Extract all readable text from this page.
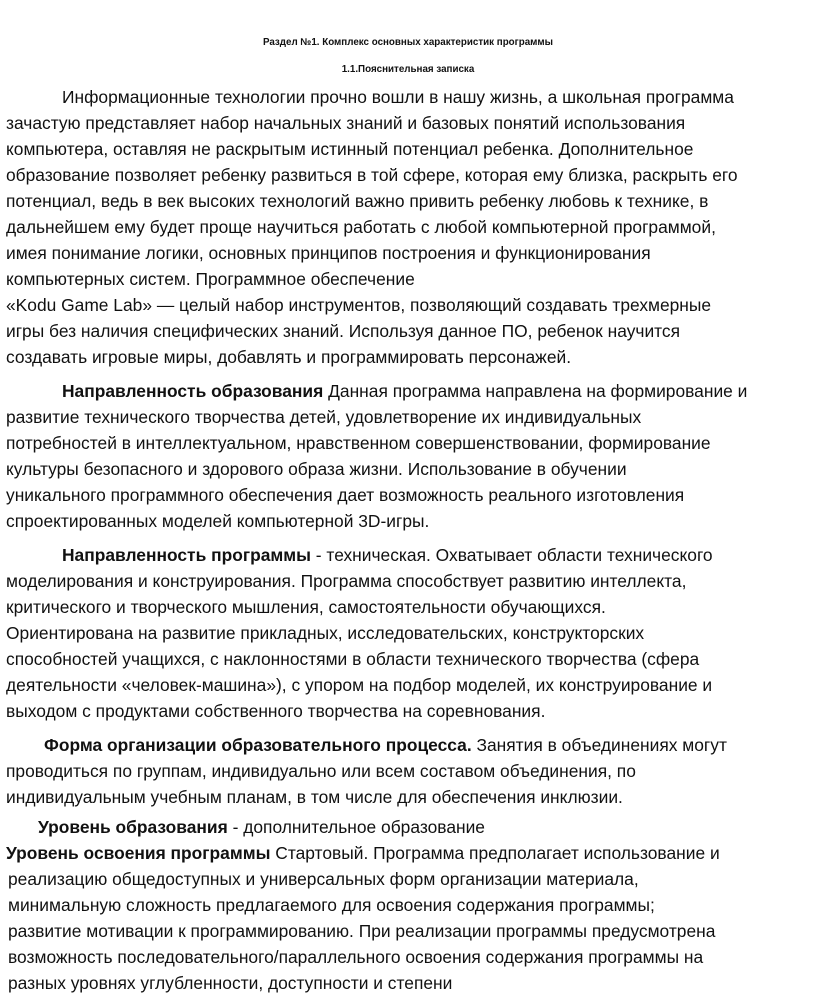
Раздел №1. Комплекс основных характеристик программы
1.1.Пояснительная записка
Информационные технологии прочно вошли в нашу жизнь, а школьная программа
зачастую представляет набор начальных знаний и базовых понятий использования
компьютера, оставляя не раскрытым истинный потенциал ребенка. Дополнительное
образование позволяет ребенку развиться в той сфере, которая ему близка, раскрыть его
потенциал, ведь в век высоких технологий важно привить ребенку любовь к технике, в
дальнейшем ему будет проще научиться работать с любой компьютерной программой,
имея понимание логики, основных принципов построения и функционирования
компьютерных систем. Программное обеспечение
«Kodu Game Lab» — целый набор инструментов, позволяющий создавать трехмерные
игры без наличия специфических знаний. Используя данное ПО, ребенок научится
создавать игровые миры, добавлять и программировать персонажей.
Направленность образования Данная программа направлена на формирование и
развитие технического творчества детей, удовлетворение их индивидуальных
потребностей в интеллектуальном, нравственном совершенствовании, формирование
культуры безопасного и здорового образа жизни. Использование в обучении
уникального программного обеспечения дает возможность реального изготовления
спроектированных моделей компьютерной 3D-игры.
Направленность программы - техническая. Охватывает области технического
моделирования и конструирования. Программа способствует развитию интеллекта,
критического и творческого мышления, самостоятельности обучающихся.
Ориентирована на развитие прикладных, исследовательских, конструкторских
способностей учащихся, с наклонностями в области технического творчества (сфера
деятельности «человек-машина»), с упором на подбор моделей, их конструирование и
выходом с продуктами собственного творчества на соревнования.
Форма организации образовательного процесса. Занятия в объединениях могут
проводиться по группам, индивидуально или всем составом объединения, по
индивидуальным учебным планам, в том числе для обеспечения инклюзии.
Уровень образования - дополнительное образование
Уровень освоения программы Стартовый. Программа предполагает использование и
реализацию общедоступных и универсальных форм организации материала,
минимальную сложность предлагаемого для освоения содержания программы;
развитие мотивации к программированию. При реализации программы предусмотрена
возможность последовательного/параллельного освоения содержания программы на
разных уровнях углубленности, доступности и степени
